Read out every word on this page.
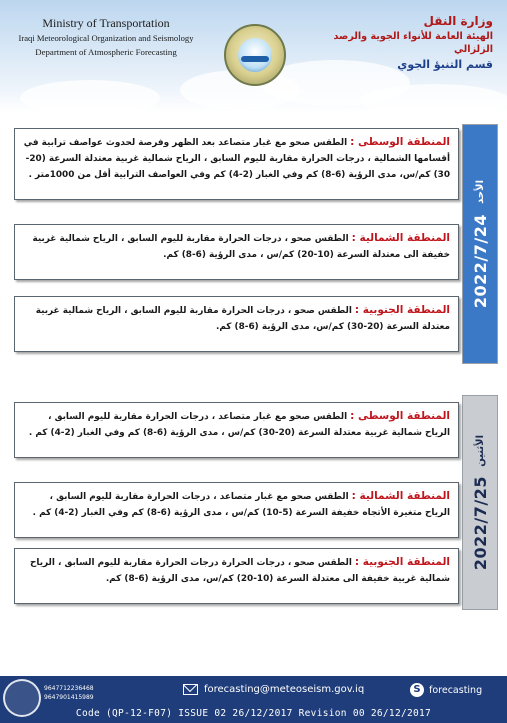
Ministry of Transportation
Iraqi Meteorological Organization and Seismology
Department of Atmospheric Forecasting
وزارة النقل
الهيئة العامة للأنواء الجوية والرصد الزلزالي
قسم التنبؤ الجوي
الأحد
2022/7/24
المنطقة الوسطى :الطقس صحو مع غبار متصاعد بعد الظهر وفرصة لحدوث عواصف ترابية في أقسامها الشمالية ، درجات الحرارة مقاربة لليوم السابق ، الرياح شمالية غربية معتدلة السرعة (20-30) كم/س، مدى الرؤية (6-8) كم وفي الغبار (2-4) كم وفي العواصف الترابية أقل من 1000متر .
المنطقة الشمالية :الطقس صحو ، درجات الحرارة مقاربة لليوم السابق ، الرياح شمالية غربية خفيفة الى معتدلة السرعة (10-20) كم/س ، مدى الرؤية (6-8) كم.
المنطقة الجنوبية :الطقس صحو ، درجات الحرارة مقاربة لليوم السابق ، الرياح شمالية غربية معتدلة السرعة (20-30) كم/س، مدى الرؤية (6-8) كم.
الأثنين
2022/7/25
المنطقة الوسطى :الطقس صحو مع غبار متصاعد ، درجات الحرارة مقاربة لليوم السابق ، الرياح شمالية غربية معتدلة السرعة (20-30) كم/س ، مدى الرؤية (6-8) كم وفي الغبار (2-4) كم .
المنطقة الشمالية :الطقس صحو مع غبار متصاعد ، درجات الحرارة مقاربة لليوم السابق ، الرياح متغيرة الأتجاه خفيفة السرعة (5-10) كم/س ، مدى الرؤية (6-8) كم وفي الغبار (2-4) كم .
المنطقة الجنوبية :الطقس صحو ، درجات الحرارة درجات الحرارة مقاربة لليوم السابق ، الرياح شمالية غربية خفيفة الى معتدلة السرعة (10-20) كم/س، مدى الرؤية (6-8) كم.
9647712236468
9647901415989
forecasting@meteoseism.gov.iq	S forecasting
Code (QP-12-F07) ISSUE 02 26/12/2017 Revision 00 26/12/2017
